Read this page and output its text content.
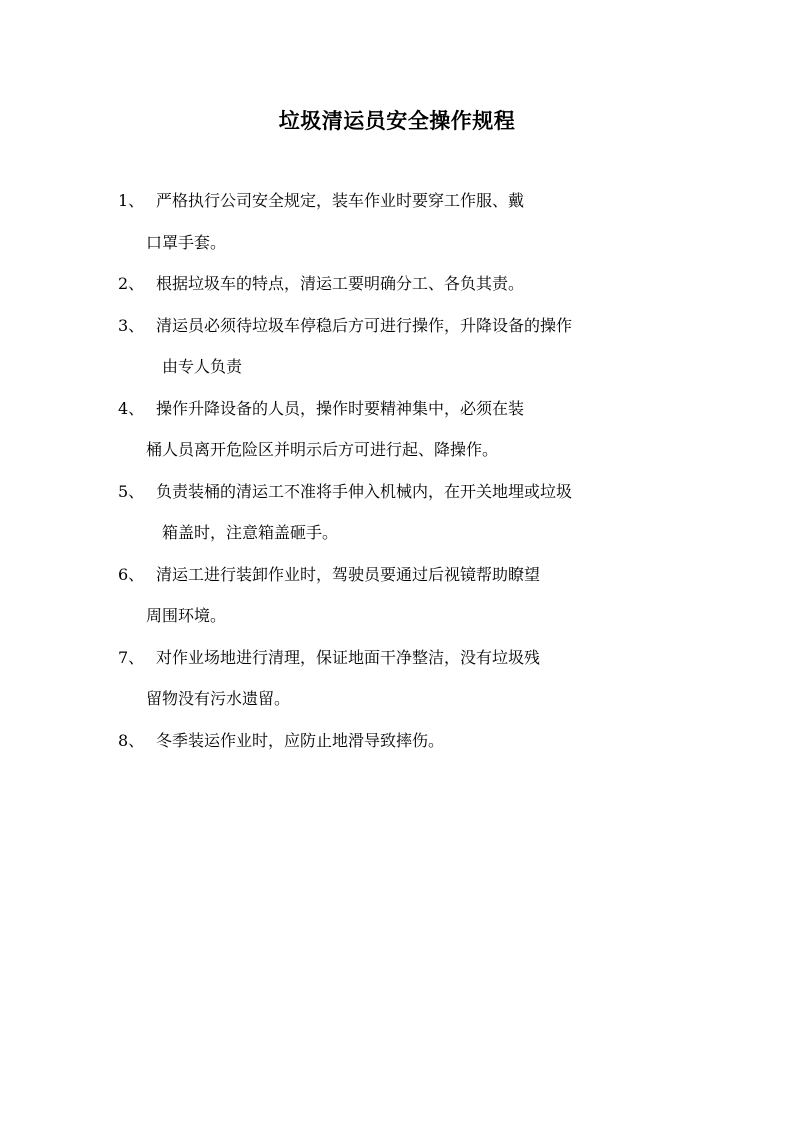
垃圾清运员安全操作规程
1、 严格执行公司安全规定，装车作业时要穿工作服、戴
口罩手套。
2、 根据垃圾车的特点，清运工要明确分工、各负其责。
3、 清运员必须待垃圾车停稳后方可进行操作，升降设备的操作
由专人负责
4、 操作升降设备的人员，操作时要精神集中，必须在装
桶人员离开危险区并明示后方可进行起、降操作。
5、 负责装桶的清运工不准将手伸入机械内，在开关地埋或垃圾
箱盖时，注意箱盖砸手。
6、 清运工进行装卸作业时，驾驶员要通过后视镜帮助瞭望
周围环境。
7、 对作业场地进行清理，保证地面干净整洁，没有垃圾残
留物没有污水遗留。
8、 冬季装运作业时，应防止地滑导致摔伤。
